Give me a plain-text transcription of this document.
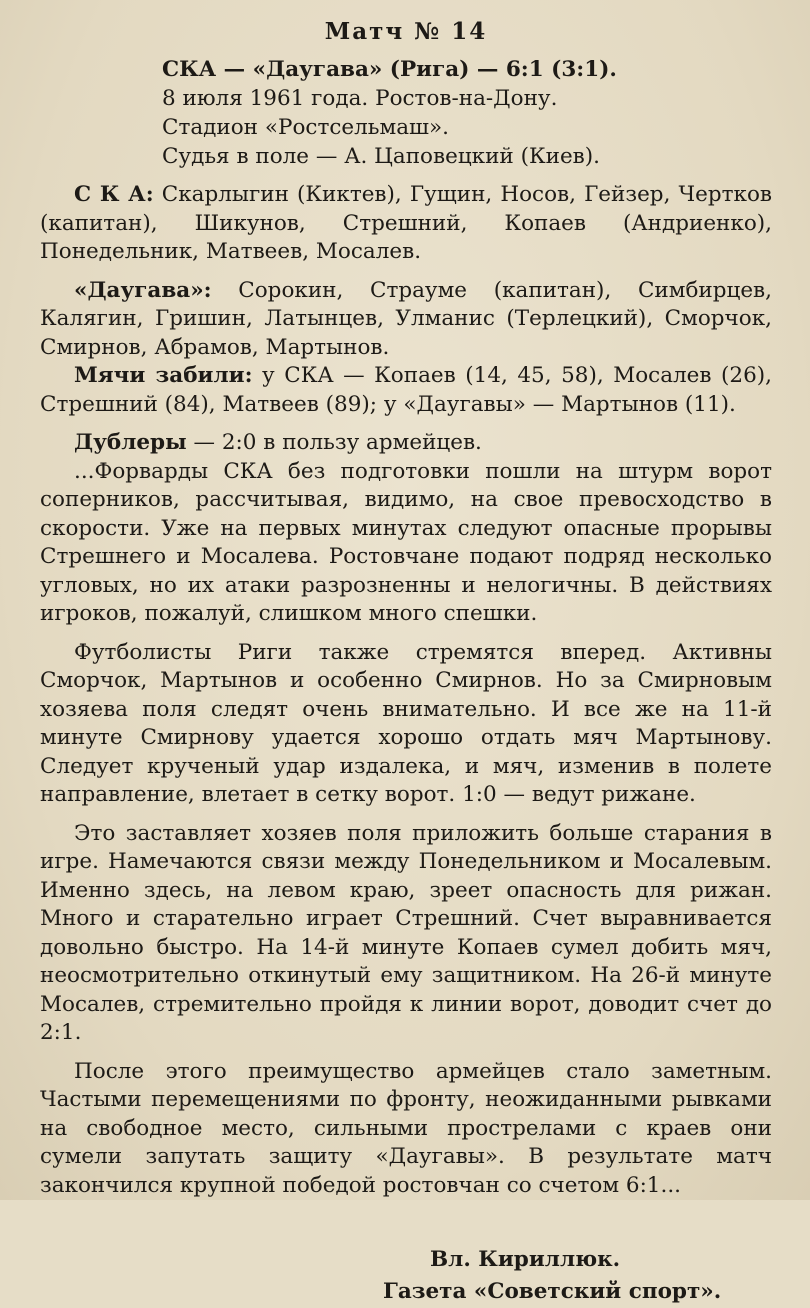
Матч № 14
СКА — «Даугава» (Рига) — 6:1 (3:1).
8 июля 1961 года. Ростов-на-Дону.
Стадион «Ростсельмаш».
Судья в поле — А. Цаповецкий (Киев).

С К А: Скарлыгин (Киктев), Гущин, Носов, Гейзер, Чертков (капитан), Шикунов, Стрешний, Копаев (Андриенко), Понедельник, Матвеев, Мосалев.

«Даугава»: Сорокин, Страуме (капитан), Симбирцев, Калягин, Гришин, Латынцев, Улманис (Терлецкий), Сморчок, Смирнов, Абрамов, Мартынов.

Мячи забили: у СКА — Копаев (14, 45, 58), Мосалев (26), Стрешний (84), Матвеев (89); у «Даугавы» — Мартынов (11).

Дублеры — 2:0 в пользу армейцев.

...Форварды СКА без подготовки пошли на штурм ворот соперников, рассчитывая, видимо, на свое превосходство в скорости. Уже на первых минутах следуют опасные прорывы Стрешнего и Мосалева. Ростовчане подают подряд несколько угловых, но их атаки разрозненны и нелогичны. В действиях игроков, пожалуй, слишком много спешки.

Футболисты Риги также стремятся вперед. Активны Сморчок, Мартынов и особенно Смирнов. Но за Смирновым хозяева поля следят очень внимательно. И все же на 11-й минуте Смирнову удается хорошо отдать мяч Мартынову. Следует крученый удар издалека, и мяч, изменив в полете направление, влетает в сетку ворот. 1:0 — ведут рижане.

Это заставляет хозяев поля приложить больше старания в игре. Намечаются связи между Понедельником и Мосалевым. Именно здесь, на левом краю, зреет опасность для рижан. Много и старательно играет Стрешний. Счет выравнивается довольно быстро. На 14-й минуте Копаев сумел добить мяч, неосмотрительно откинутый ему защитником. На 26-й минуте Мосалев, стремительно пройдя к линии ворот, доводит счет до 2:1.

После этого преимущество армейцев стало заметным. Частыми перемещениями по фронту, неожиданными рывками на свободное место, сильными прострелами с краев они сумели запутать защиту «Даугавы». В результате матч закончился крупной победой ростовчан со счетом 6:1...

Вл. Кириллюк.
Газета «Советский спорт».
